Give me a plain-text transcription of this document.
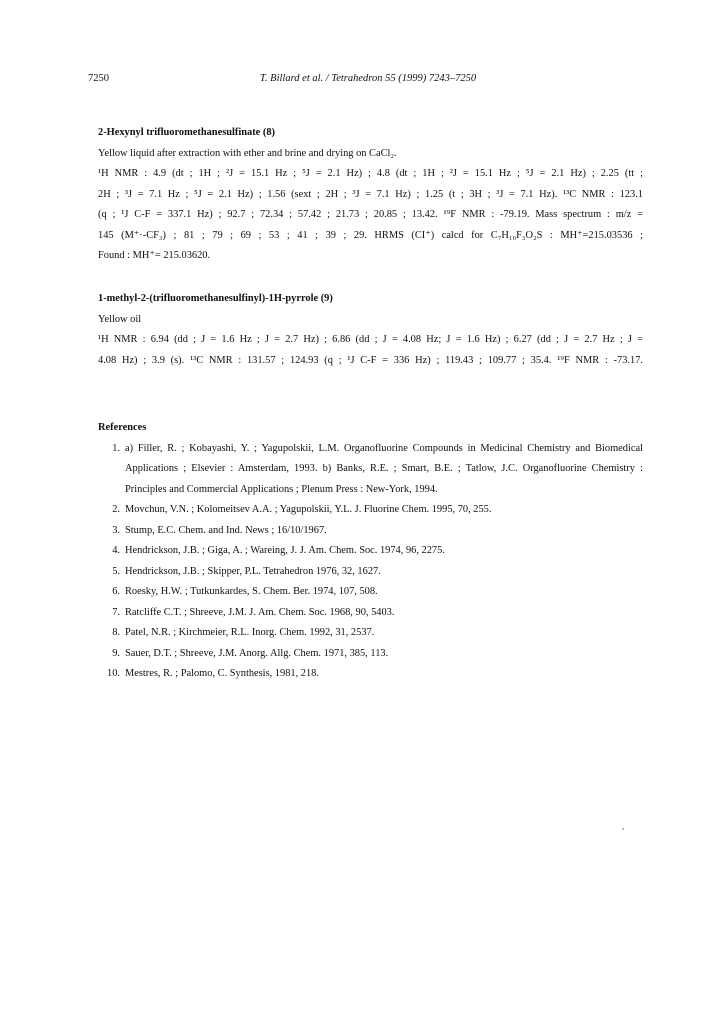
7250	T. Billard et al. / Tetrahedron 55 (1999) 7243–7250
2-Hexynyl trifluoromethanesulfinate (8)
Yellow liquid after extraction with ether and brine and drying on CaCl₂.
¹H NMR : 4.9 (dt ; 1H ; ²J = 15.1 Hz ; ⁵J = 2.1 Hz) ; 4.8 (dt ; 1H ; ²J = 15.1 Hz ; ⁵J = 2.1 Hz) ; 2.25 (tt ;
2H ; ³J = 7.1 Hz ; ⁵J = 2.1 Hz) ; 1.56 (sext ; 2H ; ³J = 7.1 Hz) ; 1.25 (t ; 3H ; ³J = 7.1 Hz). ¹³C NMR : 123.1
(q ; ¹J C-F = 337.1 Hz) ; 92.7 ; 72.34 ; 57.42 ; 21.73 ; 20.85 ; 13.42. ¹⁹F NMR : -79.19. Mass spectrum : m/z =
145 (M⁺·-CF₃) ; 81 ; 79 ; 69 ; 53 ; 41 ; 39 ; 29. HRMS (CI⁺) calcd for C₇H₁₀F₃O₂S : MH⁺=215.03536 ;
Found : MH⁺= 215.03620.
1-methyl-2-(trifluoromethanesulfinyl)-1H-pyrrole (9)
Yellow oil
¹H NMR : 6.94 (dd ; J = 1.6 Hz ; J = 2.7 Hz) ; 6.86 (dd ; J = 4.08 Hz; J = 1.6 Hz) ; 6.27 (dd ; J = 2.7 Hz ; J =
4.08 Hz) ; 3.9 (s). ¹³C NMR : 131.57 ; 124.93 (q ; ¹J C-F = 336 Hz) ; 119.43 ; 109.77 ; 35.4. ¹⁹F NMR : -73.17.
References
1. a) Filler, R. ; Kobayashi, Y. ; Yagupolskii, L.M. Organofluorine Compounds in Medicinal Chemistry and Biomedical Applications ; Elsevier : Amsterdam, 1993. b) Banks, R.E. ; Smart, B.E. ; Tatlow, J.C. Organofluorine Chemistry : Principles and Commercial Applications ; Plenum Press : New-York, 1994.
2. Movchun, V.N. ; Kolomeitsev A.A. ; Yagupolskii, Y.L. J. Fluorine Chem. 1995, 70, 255.
3. Stump, E.C. Chem. and Ind. News ; 16/10/1967.
4. Hendrickson, J.B. ; Giga, A. ; Wareing, J. J. Am. Chem. Soc. 1974, 96, 2275.
5. Hendrickson, J.B. ; Skipper, P.L. Tetrahedron 1976, 32, 1627.
6. Roesky, H.W. ; Tutkunkardes, S. Chem. Ber. 1974, 107, 508.
7. Ratcliffe C.T. ; Shreeve, J.M. J. Am. Chem. Soc. 1968, 90, 5403.
8. Patel, N.R. ; Kirchmeier, R.L. Inorg. Chem. 1992, 31, 2537.
9. Sauer, D.T. ; Shreeve, J.M. Anorg. Allg. Chem. 1971, 385, 113.
10. Mestres, R. ; Palomo, C. Synthesis, 1981, 218.
